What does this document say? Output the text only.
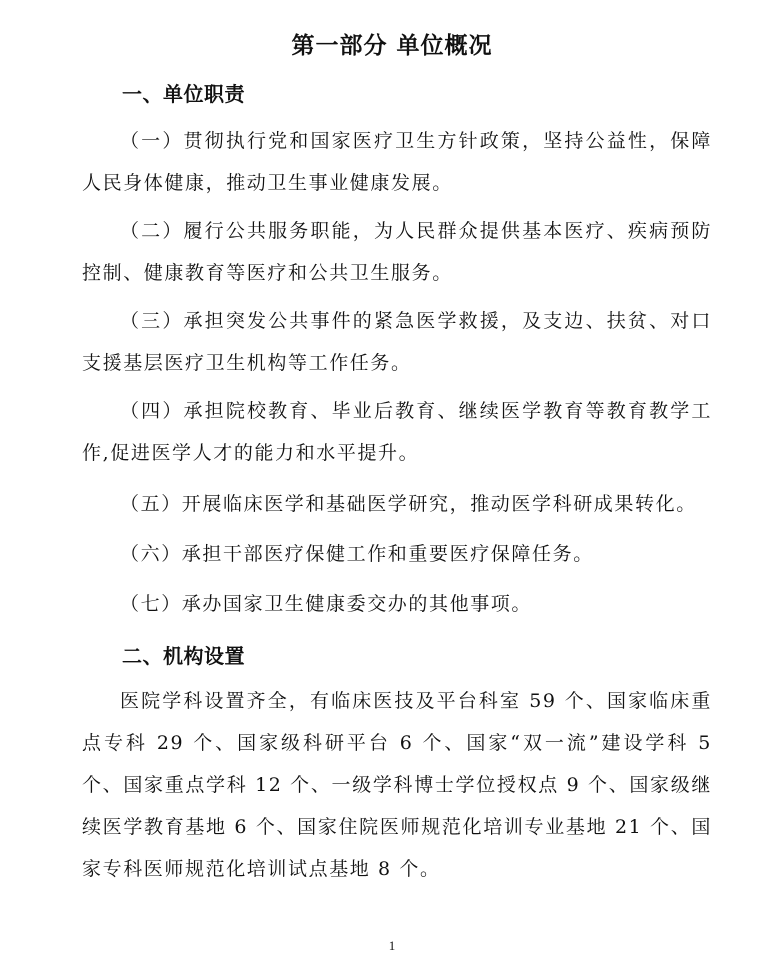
第一部分 单位概况
一、单位职责
（一）贯彻执行党和国家医疗卫生方针政策，坚持公益性，保障人民身体健康，推动卫生事业健康发展。
（二）履行公共服务职能，为人民群众提供基本医疗、疾病预防控制、健康教育等医疗和公共卫生服务。
（三）承担突发公共事件的紧急医学救援，及支边、扶贫、对口支援基层医疗卫生机构等工作任务。
（四）承担院校教育、毕业后教育、继续医学教育等教育教学工作,促进医学人才的能力和水平提升。
（五）开展临床医学和基础医学研究，推动医学科研成果转化。
（六）承担干部医疗保健工作和重要医疗保障任务。
（七）承办国家卫生健康委交办的其他事项。
二、机构设置
医院学科设置齐全，有临床医技及平台科室 59 个、国家临床重点专科 29 个、国家级科研平台 6 个、国家“双一流”建设学科 5 个、国家重点学科 12 个、一级学科博士学位授权点 9 个、国家级继续医学教育基地 6 个、国家住院医师规范化培训专业基地 21 个、国家专科医师规范化培训试点基地 8 个。
1
